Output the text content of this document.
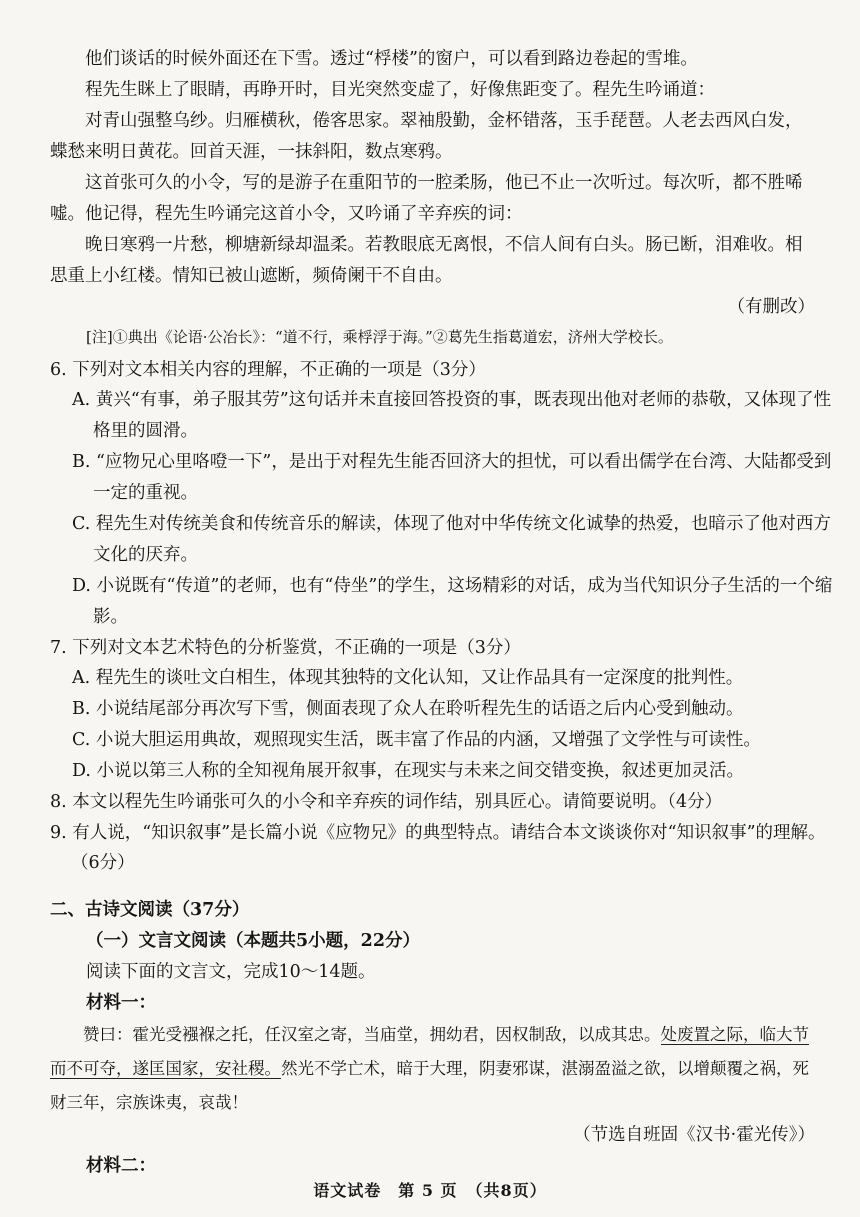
他们谈话的时候外面还在下雪。透过“桴楼”的窗户，可以看到路边卷起的雪堆。

程先生眯上了眼睛，再睁开时，目光突然变虚了，好像焦距变了。程先生吟诵道：

对青山强整乌纱。归雁横秋，倦客思家。翠袖殷勤，金杯错落，玉手琵琶。人老去西风白发，蝶愁来明日黄花。回首天涯，一抹斜阳，数点寒鸦。

这首张可久的小令，写的是游子在重阳节的一腔柔肠，他已不止一次听过。每次听，都不胜唏嘘。他记得，程先生吟诵完这首小令，又吟诵了辛弃疾的词：

晚日寒鸦一片愁，柳塘新绿却温柔。若教眼底无离恨，不信人间有白头。肠已断，泪难收。相思重上小红楼。情知已被山遮断，频倚阑干不自由。

（有删改）

[注]①典出《论语·公冶长》：“道不行，乘桴浮于海。”②葛先生指葛道宏，济州大学校长。

6. 下列对文本相关内容的理解，不正确的一项是（3分）

A. 黄兴“有事，弟子服其劳”这句话并未直接回答投资的事，既表现出他对老师的恭敬，又体现了性格里的圆滑。

B. “应物兄心里咯噔一下”，是出于对程先生能否回济大的担忧，可以看出儒学在台湾、大陆都受到一定的重视。

C. 程先生对传统美食和传统音乐的解读，体现了他对中华传统文化诚挚的热爱，也暗示了他对西方文化的厌弃。

D. 小说既有“传道”的老师，也有“侍坐”的学生，这场精彩的对话，成为当代知识分子生活的一个缩影。

7. 下列对文本艺术特色的分析鉴赏，不正确的一项是（3分）

A. 程先生的谈吐文白相生，体现其独特的文化认知，又让作品具有一定深度的批判性。

B. 小说结尾部分再次写下雪，侧面表现了众人在聆听程先生的话语之后内心受到触动。

C. 小说大胆运用典故，观照现实生活，既丰富了作品的内涵，又增强了文学性与可读性。

D. 小说以第三人称的全知视角展开叙事，在现实与未来之间交错变换，叙述更加灵活。

8. 本文以程先生吟诵张可久的小令和辛弃疾的词作结，别具匠心。请简要说明。（4分）

9. 有人说，“知识叙事”是长篇小说《应物兄》的典型特点。请结合本文谈谈你对“知识叙事”的理解。（6分）

二、古诗文阅读（37分）

（一）文言文阅读（本题共5小题，22分）

阅读下面的文言文，完成10～14题。

材料一：

赞曰：霍光受襁褓之托，任汉室之寄，当庙堂，拥幼君，因权制敌，以成其忠。处废置之际，临大节而不可夺，遂匡国家，安社稷。然光不学亡术，暗于大理，阴妻邪谋，湛溺盈溢之欲，以增颠覆之祸，死财三年，宗族诛夷，哀哉！

（节选自班固《汉书·霍光传》）

材料二：

语文试卷　第 5 页　（共8页）
